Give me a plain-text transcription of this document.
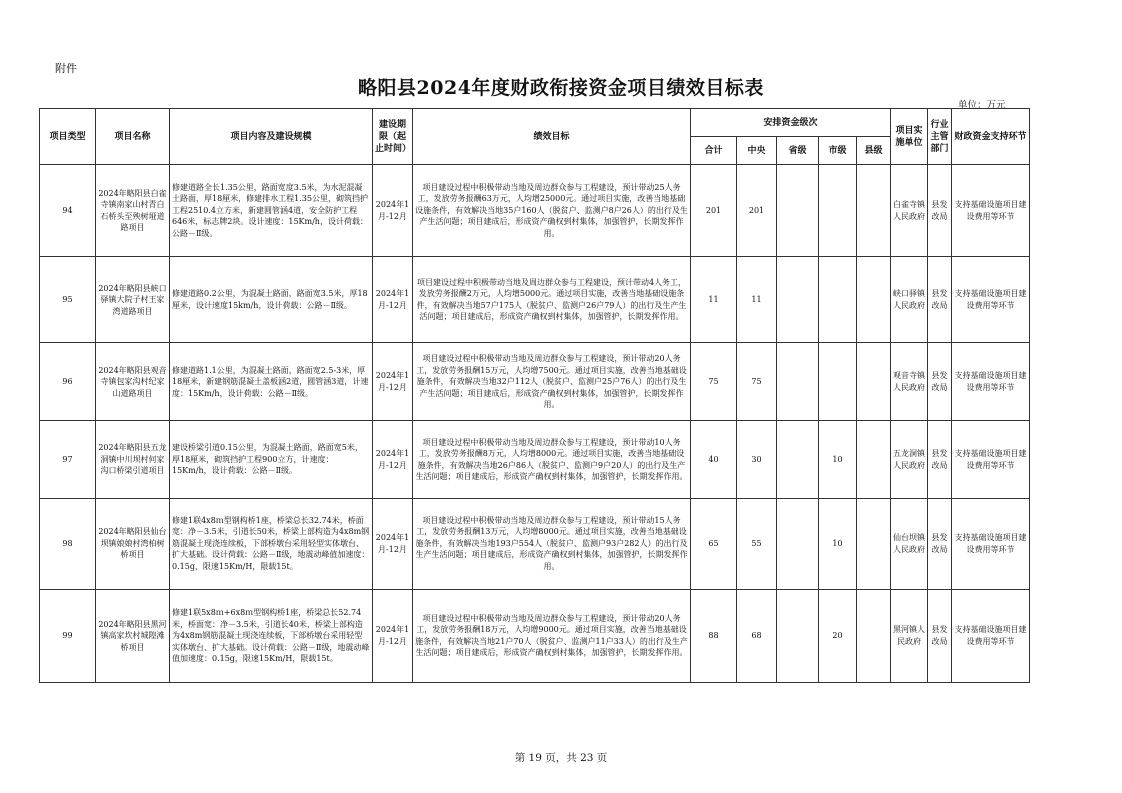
附件
略阳县2024年度财政衔接资金项目绩效目标表
单位：万元
项目类型	项目名称	项目内容及建设规模	建设期限（起止时间）	绩效目标	安排资金级次					项目实施单位	行业主管部门	财政资金支持环节
					合计	中央	省级	市级	县级			
94	2024年略阳县白雀寺镇南家山村青白石桥头至殃树垭道路项目	修建道路全长1.35公里，路面宽度3.5米，为水泥混凝土路面，厚18厘米，修建排水工程1.35公里，砌筑挡护工程2510.4立方米，新建圆管涵4道，安全防护工程646米，标志牌2块。设计速度：15Km/h，设计荷载：公路－Ⅱ级。	2024年1月-12月	项目建设过程中积极带动当地及周边群众参与工程建设，预计带动25人务工，发放劳务报酬63万元，人均增25000元。通过项目实施，改善当地基础设施条件，有效解决当地35户160人（脱贫户、监测户8户26人）的出行及生产生活问题；项目建成后，形成资产确权到村集体，加强管护，长期发挥作用。	201	201				白雀寺镇人民政府	县发改局	支持基础设施项目建设费用等环节
95	2024年略阳县峡口驿镇大院子村王家湾道路项目	修建道路0.2公里，为混凝土路面，路面宽3.5米，厚18厘米，设计速度15km/h，设计荷载：公路－Ⅱ级。	2024年1月-12月	项目建设过程中积极带动当地及周边群众参与工程建设，预计带动4人务工，发放劳务报酬2万元，人均增5000元。通过项目实施，改善当地基础设施条件，有效解决当地57户175人（脱贫户、监测户26户79人）的出行及生产生活问题；项目建成后，形成资产确权到村集体，加强管护，长期发挥作用。	11	11				峡口驿镇人民政府	县发改局	支持基础设施项目建设费用等环节
96	2024年略阳县观音寺镇包家沟村纪家山道路项目	修建道路1.1公里，为混凝土路面，路面宽2.5-3米，厚18厘米，新建钢筋混凝土盖板涵2道，圆管涵3道，计速度：15Km/h，设计荷载：公路－Ⅱ级。	2024年1月-12月	项目建设过程中积极带动当地及周边群众参与工程建设，预计带动20人务工，发放劳务报酬15万元，人均增7500元。通过项目实施，改善当地基础设施条件，有效解决当地32户112人（脱贫户、监测户25户76人）的出行及生产生活问题；项目建成后，形成资产确权到村集体，加强管护，长期发挥作用。	75	75				观音寺镇人民政府	县发改局	支持基础设施项目建设费用等环节
97	2024年略阳县五龙洞镇中川坝村何家沟口桥梁引道项目	建设桥梁引道0.15公里，为混凝土路面，路面宽5米，厚18厘米，砌筑挡护工程900立方，计速度：15Km/h，设计荷载：公路－Ⅱ级。	2024年1月-12月	项目建设过程中积极带动当地及周边群众参与工程建设，预计带动10人务工，发放劳务报酬8万元，人均增8000元。通过项目实施，改善当地基础设施条件，有效解决当地26户86人（脱贫户、监测户9户20人）的出行及生产生活问题；项目建成后，形成资产确权到村集体，加强管护，长期发挥作用。	40	30		10		五龙洞镇人民政府	县发改局	支持基础设施项目建设费用等环节
98	2024年略阳县仙台坝镇娘娘村湾柏树桥项目	修建1联4x8ｍ型钢构桥1座，桥梁总长32.74米，桥面宽：净－3.5米，引道长50米，桥梁上部构造为4x8m钢筋混凝土现浇连续板，下部桥墩台采用轻型实体墩台、扩大基础。设计荷载：公路－Ⅱ级，地震动峰值加速度：0.15g，限速15Km/H，限载15t。	2024年1月-12月	项目建设过程中积极带动当地及周边群众参与工程建设，预计带动15人务工，发放劳务报酬13万元，人均增8000元。通过项目实施，改善当地基础设施条件，有效解决当地193户554人（脱贫户、监测户93户282人）的出行及生产生活问题；项目建成后，形成资产确权到村集体，加强管护，长期发挥作用。	65	55		10		仙台坝镇人民政府	县发改局	支持基础设施项目建设费用等环节
99	2024年略阳县黑河镇高家坎村城隍滩桥项目	修建1联5x8ｍ+6x8ｍ型钢构桥1座，桥梁总长52.74米，桥面宽：净－3.5米，引道长40米，桥梁上部构造为4x8m钢筋混凝土现浇连续板，下部桥墩台采用轻型实体墩台、扩大基础。设计荷载：公路－Ⅱ级，地震动峰值加速度：0.15g，限速15Km/H，限载15t。	2024年1月-12月	项目建设过程中积极带动当地及周边群众参与工程建设，预计带动20人务工，发放劳务报酬18万元，人均增9000元。通过项目实施，改善当地基础设施条件，有效解决当地21户70人（脱贫户、监测户11户33人）的出行及生产生活问题；项目建成后，形成资产确权到村集体，加强管护，长期发挥作用。	88	68		20		黑河镇人民政府	县发改局	支持基础设施项目建设费用等环节
第 19 页，共 23 页
